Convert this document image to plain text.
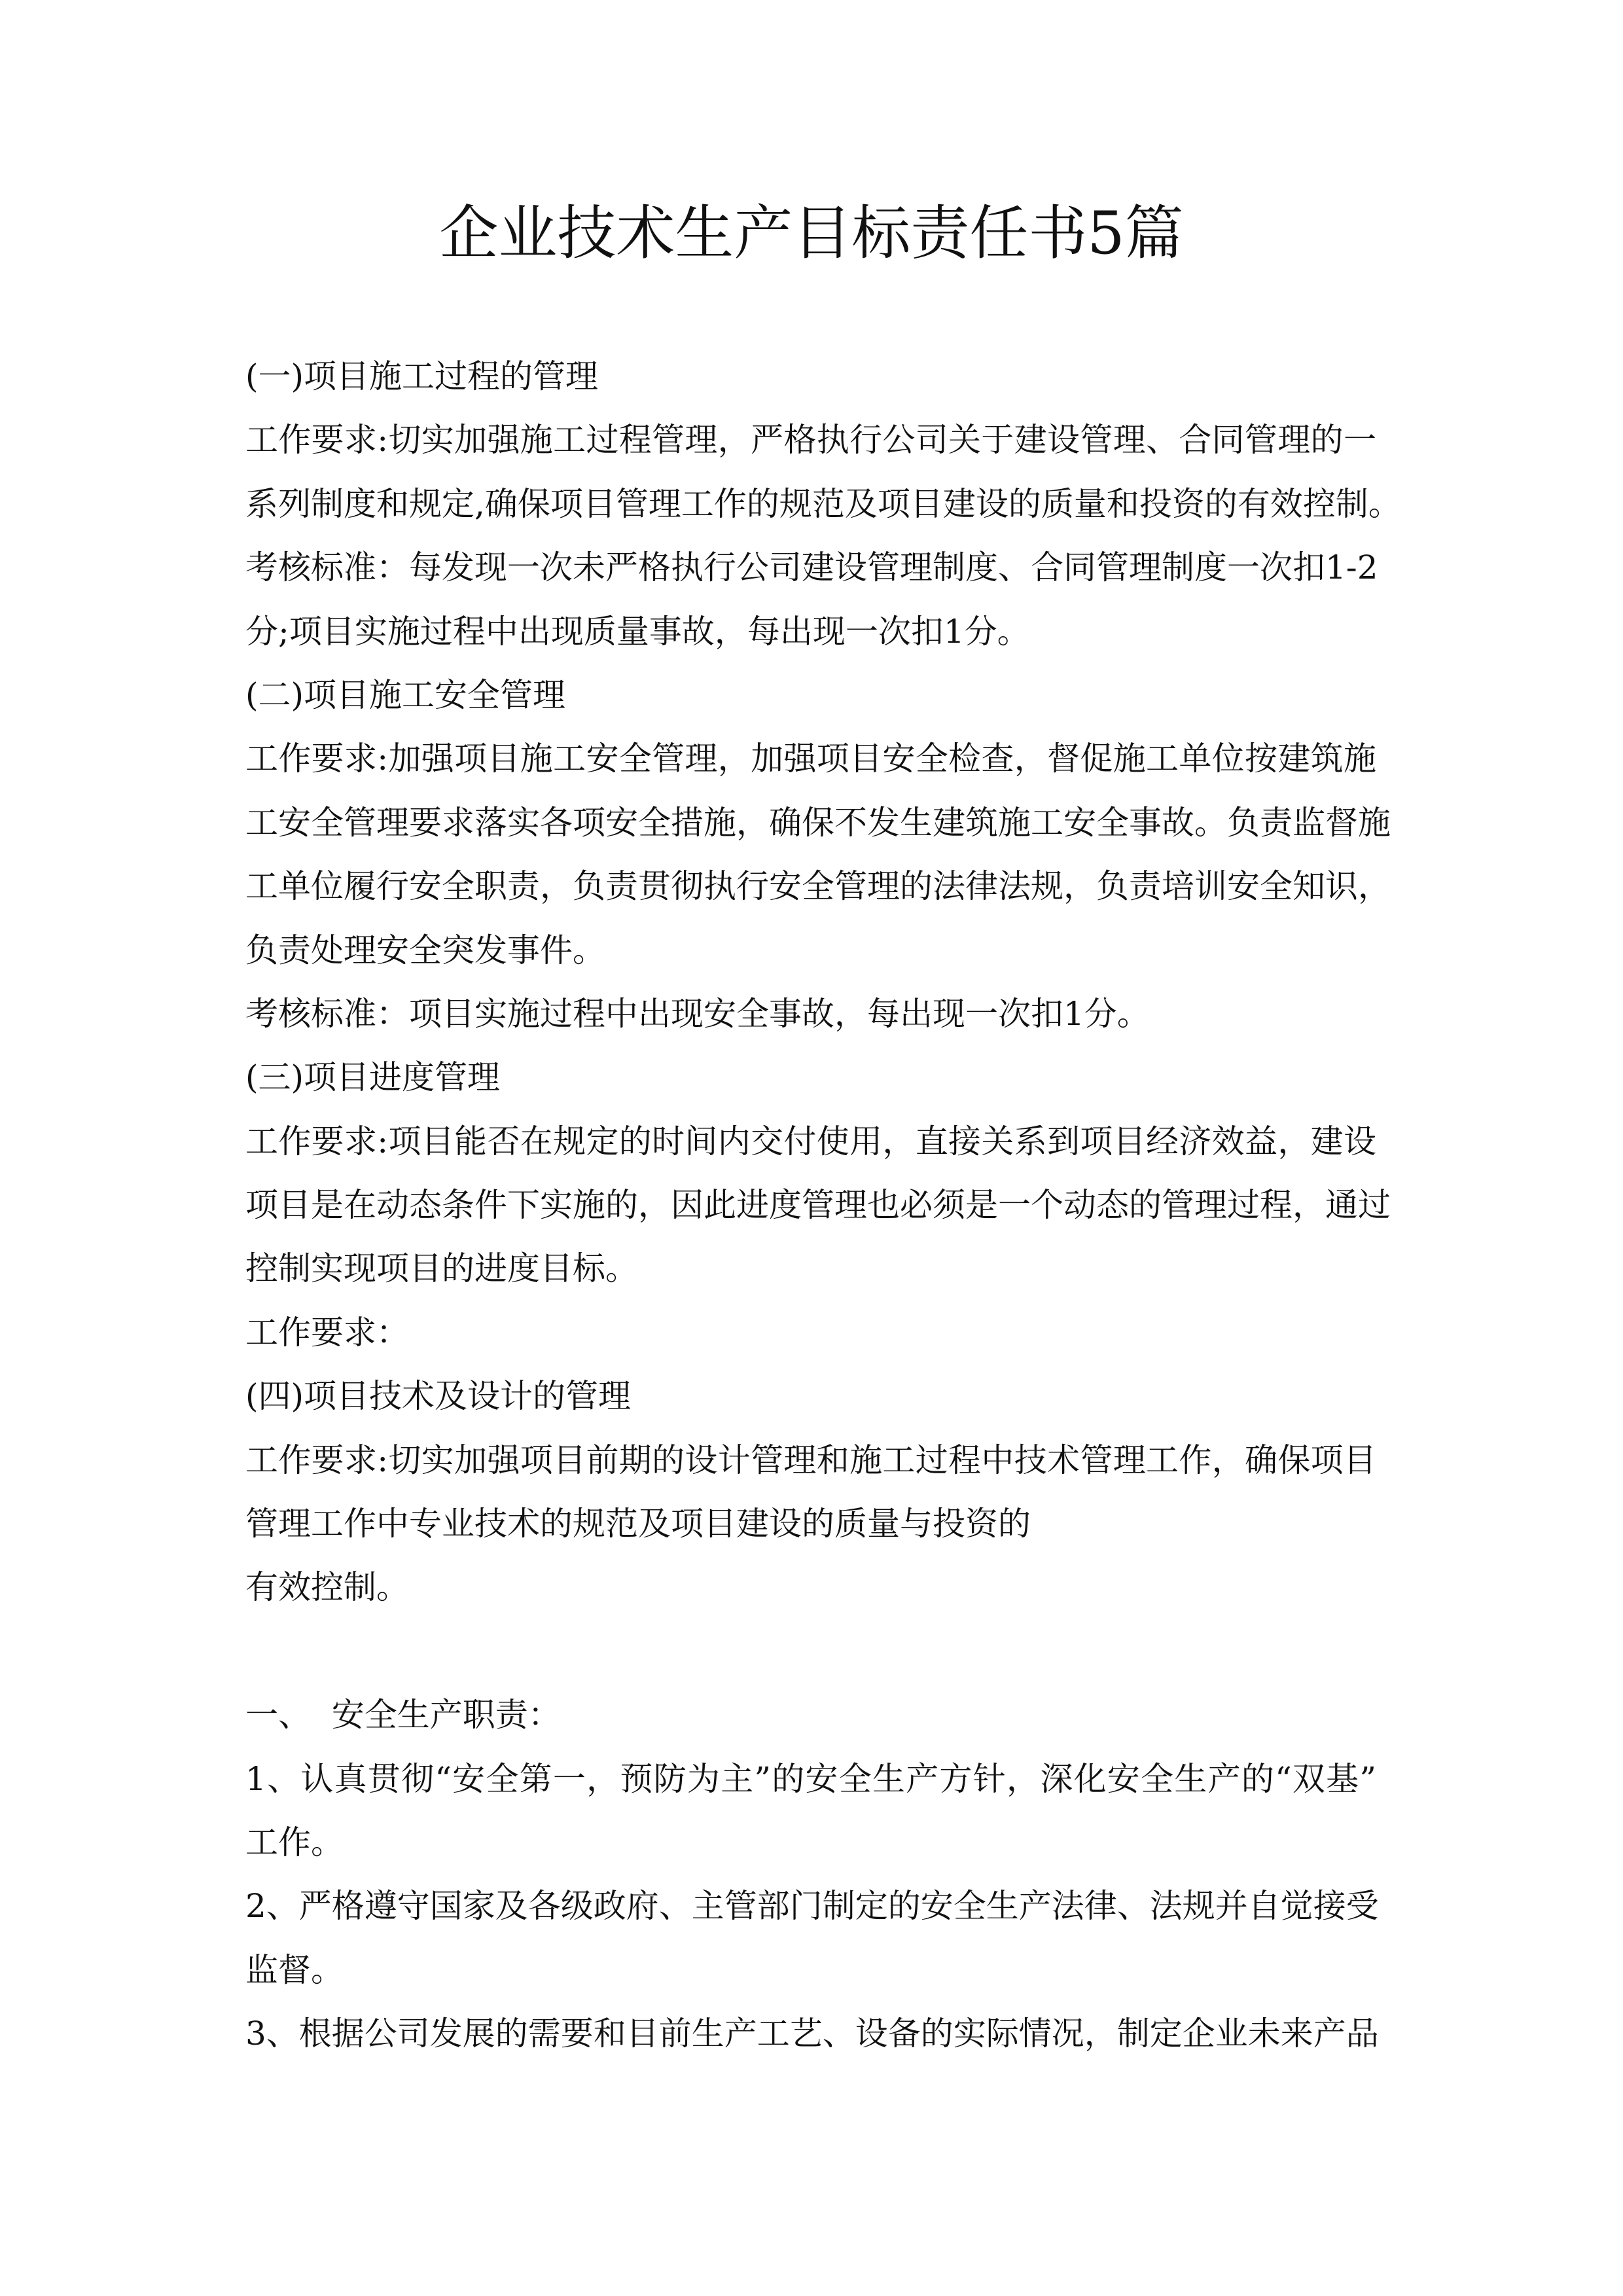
企业技术生产目标责任书5篇
(一)项目施工过程的管理
工作要求:切实加强施工过程管理，严格执行公司关于建设管理、合同管理的一
系列制度和规定,确保项目管理工作的规范及项目建设的质量和投资的有效控制。
考核标准：每发现一次未严格执行公司建设管理制度、合同管理制度一次扣1-2
分;项目实施过程中出现质量事故，每出现一次扣1分。
(二)项目施工安全管理
工作要求:加强项目施工安全管理，加强项目安全检查，督促施工单位按建筑施
工安全管理要求落实各项安全措施，确保不发生建筑施工安全事故。负责监督施
工单位履行安全职责，负责贯彻执行安全管理的法律法规，负责培训安全知识，
负责处理安全突发事件。
考核标准：项目实施过程中出现安全事故，每出现一次扣1分。
(三)项目进度管理
工作要求:项目能否在规定的时间内交付使用，直接关系到项目经济效益，建设
项目是在动态条件下实施的，因此进度管理也必须是一个动态的管理过程，通过
控制实现项目的进度目标。
工作要求：
(四)项目技术及设计的管理
工作要求:切实加强项目前期的设计管理和施工过程中技术管理工作，确保项目
管理工作中专业技术的规范及项目建设的质量与投资的
有效控制。
一、  安全生产职责：
1、认真贯彻“安全第一，预防为主”的安全生产方针，深化安全生产的“双基”
工作。
2、严格遵守国家及各级政府、主管部门制定的安全生产法律、法规并自觉接受
监督。
3、根据公司发展的需要和目前生产工艺、设备的实际情况，制定企业未来产品
